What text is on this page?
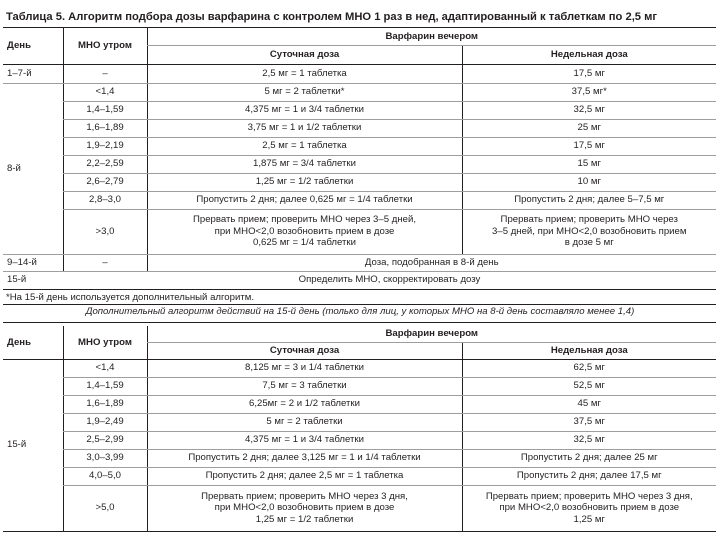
Таблица 5. Алгоритм подбора дозы варфарина с контролем МНО 1 раз в нед, адаптированный к таблеткам по 2,5 мг
День	МНО утром	Варфарин вечером	
		Суточная доза	Недельная доза
1–7-й	–	2,5 мг = 1 таблетка	17,5 мг
8-й	<1,4	5 мг = 2 таблетки*	37,5 мг*
	1,4–1,59	4,375 мг = 1 и 3/4 таблетки	32,5 мг
	1,6–1,89	3,75 мг = 1 и 1/2 таблетки	25 мг
	1,9–2,19	2,5 мг = 1 таблетка	17,5 мг
	2,2–2,59	1,875 мг = 3/4 таблетки	15 мг
	2,6–2,79	1,25 мг = 1/2 таблетки	10 мг
	2,8–3,0	Пропустить 2 дня; далее 0,625 мг = 1/4 таблетки	Пропустить 2 дня; далее 5–7,5 мг
	>3,0	Прервать прием; проверить МНО через 3–5 дней,
при МНО<2,0 возобновить прием в дозе
0,625 мг = 1/4 таблетки	Прервать прием; проверить МНО через
3–5 дней, при МНО<2,0 возобновить прием
в дозе 5 мг
9–14-й	–	Доза, подобранная в 8-й день	
15-й	Определить МНО, скорректировать дозу		
*На 15-й день используется дополнительный алгоритм.
Дополнительный алгоритм действий на 15-й день (только для лиц, у которых МНО на 8-й день составляло менее 1,4)
День	МНО утром	Варфарин вечером	
		Суточная доза	Недельная доза
15-й	<1,4	8,125 мг = 3 и 1/4 таблетки	62,5 мг
	1,4–1,59	7,5 мг = 3 таблетки	52,5 мг
	1,6–1,89	6,25мг = 2 и 1/2 таблетки	45 мг
	1,9–2,49	5 мг = 2 таблетки	37,5 мг
	2,5–2,99	4,375 мг = 1 и 3/4 таблетки	32,5 мг
	3,0–3,99	Пропустить 2 дня; далее 3,125 мг = 1 и 1/4 таблетки	Пропустить 2 дня; далее 25 мг
	4,0–5,0	Пропустить 2 дня; далее 2,5 мг = 1 таблетка	Пропустить 2 дня; далее 17,5 мг
	>5,0	Прервать прием; проверить МНО через 3 дня,
при МНО<2,0 возобновить прием в дозе
1,25 мг = 1/2 таблетки	Прервать прием; проверить МНО через 3 дня,
при МНО<2,0 возобновить прием в дозе
1,25 мг
